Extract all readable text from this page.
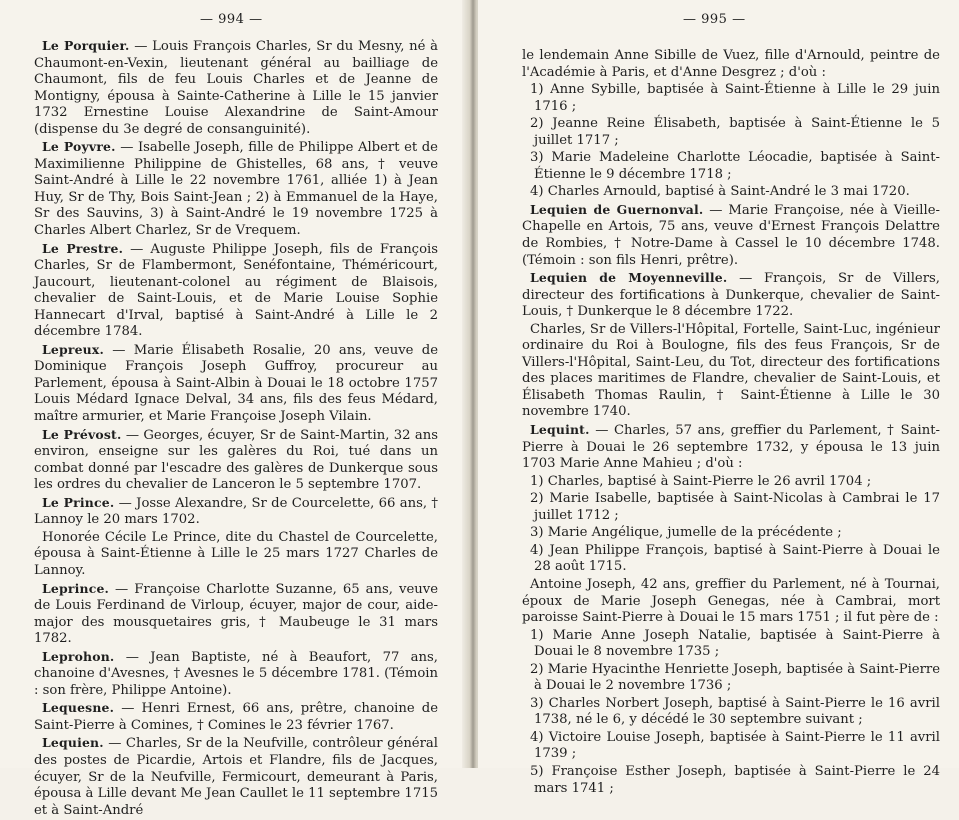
— 994 —

Le Porquier. — Louis François Charles, Sr du Mesny, né à Chaumont-en-Vexin, lieutenant général au bailliage de Chaumont, fils de feu Louis Charles et de Jeanne de Montigny, épousa à Sainte-Catherine à Lille le 15 janvier 1732 Ernestine Louise Alexandrine de Saint-Amour (dispense du 3e degré de consanguinité).

Le Poyvre. — Isabelle Joseph, fille de Philippe Albert et de Maximilienne Philippine de Ghistelles, 68 ans, † veuve Saint-André à Lille le 22 novembre 1761, alliée 1) à Jean Huy, Sr de Thy, Bois Saint-Jean ; 2) à Emmanuel de la Haye, Sr des Sauvins, 3) à Saint-André le 19 novembre 1725 à Charles Albert Charlez, Sr de Vrequem.

Le Prestre. — Auguste Philippe Joseph, fils de François Charles, Sr de Flambermont, Senéfontaine, Théméricourt, Jaucourt, lieutenant-colonel au régiment de Blaisois, chevalier de Saint-Louis, et de Marie Louise Sophie Hannecart d'Irval, baptisé à Saint-André à Lille le 2 décembre 1784.

Lepreux. — Marie Élisabeth Rosalie, 20 ans, veuve de Dominique François Joseph Guffroy, procureur au Parlement, épousa à Saint-Albin à Douai le 18 octobre 1757 Louis Médard Ignace Delval, 34 ans, fils des feus Médard, maître armurier, et Marie Françoise Joseph Vilain.

Le Prévost. — Georges, écuyer, Sr de Saint-Martin, 32 ans environ, enseigne sur les galères du Roi, tué dans un combat donné par l'escadre des galères de Dunkerque sous les ordres du chevalier de Lanceron le 5 septembre 1707.

Le Prince. — Josse Alexandre, Sr de Courcelette, 66 ans, † Lannoy le 20 mars 1702.

Honorée Cécile Le Prince, dite du Chastel de Courcelette, épousa à Saint-Étienne à Lille le 25 mars 1727 Charles de Lannoy.

Leprince. — Françoise Charlotte Suzanne, 65 ans, veuve de Louis Ferdinand de Virloup, écuyer, major de cour, aide-major des mousquetaires gris, † Maubeuge le 31 mars 1782.

Leprohon. — Jean Baptiste, né à Beaufort, 77 ans, chanoine d'Avesnes, † Avesnes le 5 décembre 1781. (Témoin : son frère, Philippe Antoine).

Lequesne. — Henri Ernest, 66 ans, prêtre, chanoine de Saint-Pierre à Comines, † Comines le 23 février 1767.

Lequien. — Charles, Sr de la Neufville, contrôleur général des postes de Picardie, Artois et Flandre, fils de Jacques, écuyer, Sr de la Neufville, Fermicourt, demeurant à Paris, épousa à Lille devant Me Jean Caullet le 11 septembre 1715 et à Saint-André

— 995 —

le lendemain Anne Sibille de Vuez, fille d'Arnould, peintre de l'Académie à Paris, et d'Anne Desgrez ; d'où :

1) Anne Sybille, baptisée à Saint-Étienne à Lille le 29 juin 1716 ;

2) Jeanne Reine Élisabeth, baptisée à Saint-Étienne le 5 juillet 1717 ;

3) Marie Madeleine Charlotte Léocadie, baptisée à Saint-Étienne le 9 décembre 1718 ;

4) Charles Arnould, baptisé à Saint-André le 3 mai 1720.

Lequien de Guernonval. — Marie Françoise, née à Vieille-Chapelle en Artois, 75 ans, veuve d'Ernest François Delattre de Rombies, † Notre-Dame à Cassel le 10 décembre 1748. (Témoin : son fils Henri, prêtre).

Lequien de Moyenneville. — François, Sr de Villers, directeur des fortifications à Dunkerque, chevalier de Saint-Louis, † Dunkerque le 8 décembre 1722.

Charles, Sr de Villers-l'Hôpital, Fortelle, Saint-Luc, ingénieur ordinaire du Roi à Boulogne, fils des feus François, Sr de Villers-l'Hôpital, Saint-Leu, du Tot, directeur des fortifications des places maritimes de Flandre, chevalier de Saint-Louis, et Élisabeth Thomas Raulin, † Saint-Étienne à Lille le 30 novembre 1740.

Lequint. — Charles, 57 ans, greffier du Parlement, † Saint-Pierre à Douai le 26 septembre 1732, y épousa le 13 juin 1703 Marie Anne Mahieu ; d'où :

1) Charles, baptisé à Saint-Pierre le 26 avril 1704 ;

2) Marie Isabelle, baptisée à Saint-Nicolas à Cambrai le 17 juillet 1712 ;

3) Marie Angélique, jumelle de la précédente ;

4) Jean Philippe François, baptisé à Saint-Pierre à Douai le 28 août 1715.

Antoine Joseph, 42 ans, greffier du Parlement, né à Tournai, époux de Marie Joseph Genegas, née à Cambrai, mort paroisse Saint-Pierre à Douai le 15 mars 1751 ; il fut père de :

1) Marie Anne Joseph Natalie, baptisée à Saint-Pierre à Douai le 8 novembre 1735 ;

2) Marie Hyacinthe Henriette Joseph, baptisée à Saint-Pierre à Douai le 2 novembre 1736 ;

3) Charles Norbert Joseph, baptisé à Saint-Pierre le 16 avril 1738, né le 6, y décédé le 30 septembre suivant ;

4) Victoire Louise Joseph, baptisée à Saint-Pierre le 11 avril 1739 ;

5) Françoise Esther Joseph, baptisée à Saint-Pierre le 24 mars 1741 ;
